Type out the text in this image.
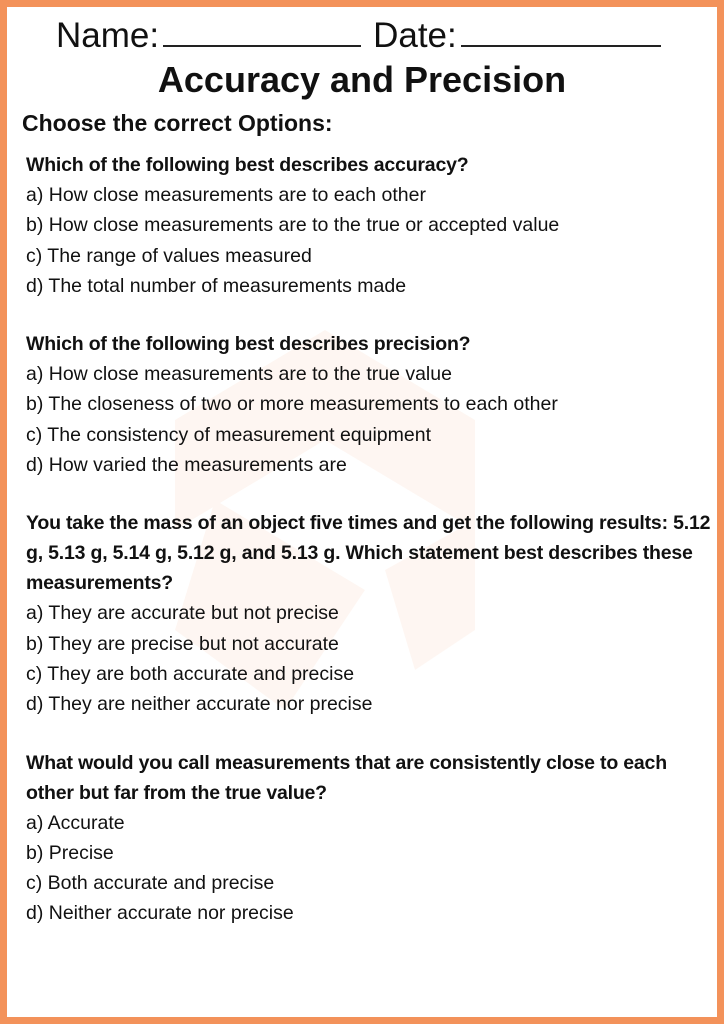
Name:	Date:
Accuracy and Precision
Choose the correct Options:
Which of the following best describes accuracy?
a) How close measurements are to each other
b) How close measurements are to the true or accepted value
c) The range of values measured
d) The total number of measurements made
Which of the following best describes precision?
a) How close measurements are to the true value
b) The closeness of two or more measurements to each other
c) The consistency of measurement equipment
d) How varied the measurements are
You take the mass of an object five times and get the following results: 5.12 g, 5.13 g, 5.14 g, 5.12 g, and 5.13 g. Which statement best describes these measurements?
a) They are accurate but not precise
b) They are precise but not accurate
c) They are both accurate and precise
d) They are neither accurate nor precise
What would you call measurements that are consistently close to each other but far from the true value?
a) Accurate
b) Precise
c) Both accurate and precise
d) Neither accurate nor precise
